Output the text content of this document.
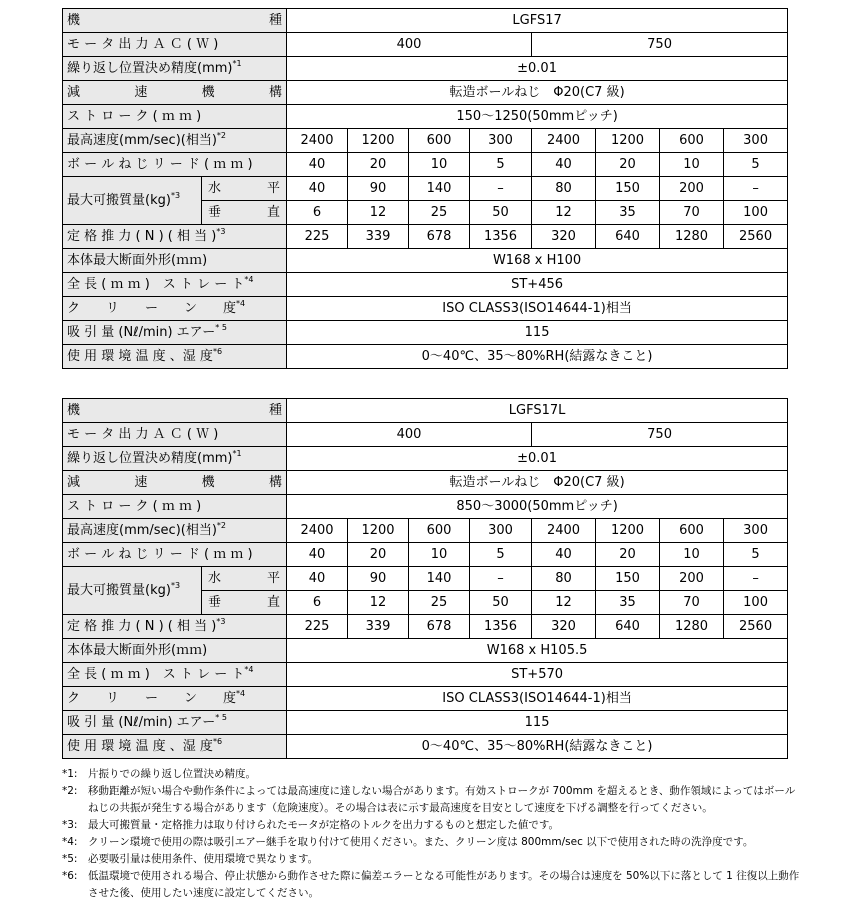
機　　　　　　　　　種		LGFS17							
モ ー タ 出 力 Ａ Ｃ ( Ｗ )		400				750			
繰り返し位置決め精度(mm)$^{*1}$		±0.01							
減　　速　　機　　構		転造ボールねじ　Φ20(C7 級)							
ス ト ロ ー ク ( ｍ ｍ )		150～1250(50mmピッチ)							
最高速度(mm/sec)(相当)$^{*2}$		2400	1200	600	300	2400	1200	600	300
ボ ー ル ね じ リ ー ド ( ｍ ｍ )		40	20	10	5	40	20	10	5
最大可搬質量(kg)$^{*3}$	水平	40	90	140	–	80	150	200	–
	垂直	6	12	25	50	12	35	70	100
定 格 推 力 ( N ) ( 相 当 )$^{*3}$		225	339	678	1356	320	640	1280	2560
本体最大断面外形(ｍｍ)		W168 x H100							
全 長 ( ｍ ｍ )　ス ト レ ー ト$^{*4}$		ST+456							
ク　　リ　　ー　　ン　　度$^{*4}$		ISO CLASS3(ISO14644-1)相当							
吸 引 量 (Nℓ/min) エアー$^{* 5}$		115							
使 用 環 境 温 度 、湿 度$^{*6}$		0～40℃、35～80%RH(結露なきこと)							
機　　　　　　　　　種		LGFS17L							
モ ー タ 出 力 Ａ Ｃ ( Ｗ )		400				750			
繰り返し位置決め精度(mm)$^{*1}$		±0.01							
減　　速　　機　　構		転造ボールねじ　Φ20(C7 級)							
ス ト ロ ー ク ( ｍ ｍ )		850～3000(50mmピッチ)							
最高速度(mm/sec)(相当)$^{*2}$		2400	1200	600	300	2400	1200	600	300
ボ ー ル ね じ リ ー ド ( ｍ ｍ )		40	20	10	5	40	20	10	5
最大可搬質量(kg)$^{*3}$	水平	40	90	140	–	80	150	200	–
	垂直	6	12	25	50	12	35	70	100
定 格 推 力 ( N ) ( 相 当 )$^{*3}$		225	339	678	1356	320	640	1280	2560
本体最大断面外形(ｍｍ)		W168 x H105.5							
全 長 ( ｍ ｍ )　ス ト レ ー ト$^{*4}$		ST+570							
ク　　リ　　ー　　ン　　度$^{*4}$		ISO CLASS3(ISO14644-1)相当							
吸 引 量 (Nℓ/min) エアー$^{* 5}$		115							
使 用 環 境 温 度 、湿 度$^{*6}$		0～40℃、35～80%RH(結露なきこと)							
*1:	片振りでの繰り返し位置決め精度。
*2:	移動距離が短い場合や動作条件によっては最高速度に達しない場合があります。有効ストロークが 700mm を超えるとき、動作領域によってはボールねじの共振が発生する場合があります（危険速度）。その場合は表に示す最高速度を目安として速度を下げる調整を行ってください。
*3:	最大可搬質量・定格推力は取り付けられたモータが定格のトルクを出力するものと想定した値です。
*4:	クリーン環境で使用の際は吸引エアー継手を取り付けて使用ください。また、クリーン度は 800mm/sec 以下で使用された時の洗浄度です。
*5:	必要吸引量は使用条件、使用環境で異なります。
*6:	低温環境で使用される場合、停止状態から動作させた際に偏差エラーとなる可能性があります。その場合は速度を 50%以下に落として 1 往復以上動作させた後、使用したい速度に設定してください。
